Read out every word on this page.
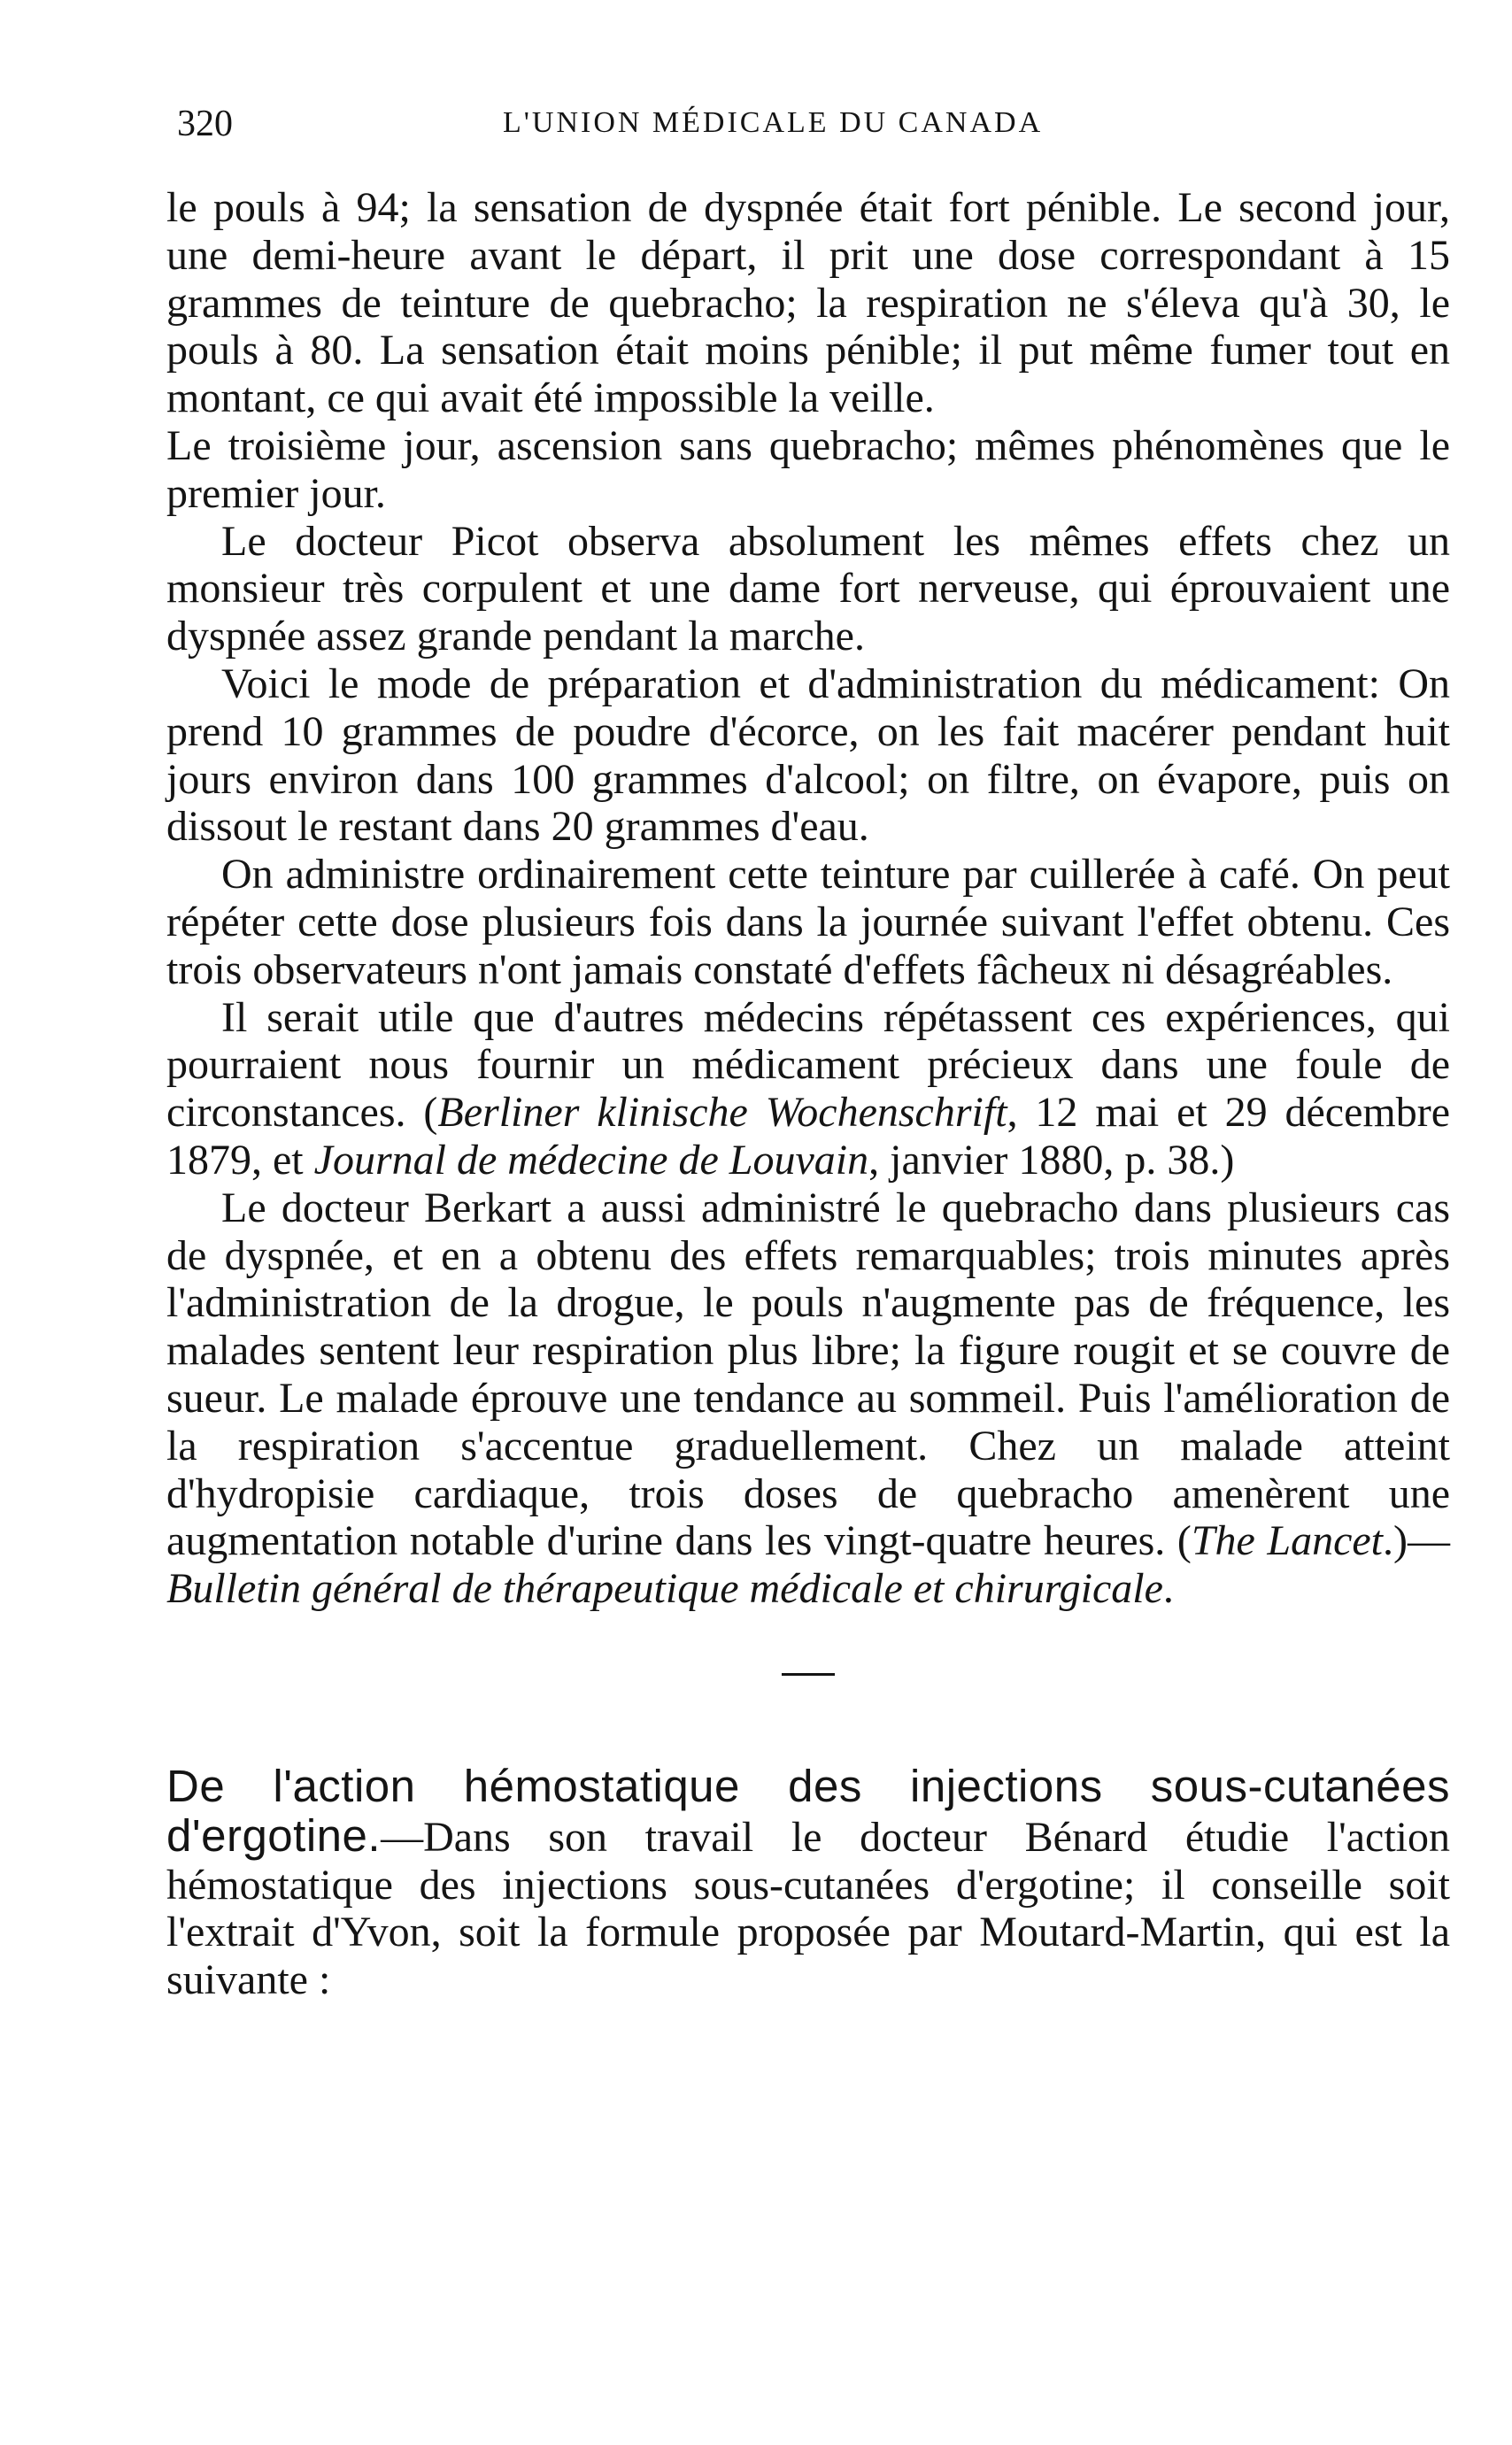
320	L'UNION MÉDICALE DU CANADA

le pouls à 94; la sensation de dyspnée était fort pénible. Le second jour, une demi-heure avant le départ, il prit une dose correspondant à 15 grammes de teinture de quebracho; la respiration ne s'éleva qu'à 30, le pouls à 80. La sensation était moins pénible; il put même fumer tout en montant, ce qui avait été impossible la veille.

Le troisième jour, ascension sans quebracho; mêmes phénomènes que le premier jour.

Le docteur Picot observa absolument les mêmes effets chez un monsieur très corpulent et une dame fort nerveuse, qui éprouvaient une dyspnée assez grande pendant la marche.

Voici le mode de préparation et d'administration du médicament: On prend 10 grammes de poudre d'écorce, on les fait macérer pendant huit jours environ dans 100 grammes d'alcool; on filtre, on évapore, puis on dissout le restant dans 20 grammes d'eau.

On administre ordinairement cette teinture par cuillerée à café. On peut répéter cette dose plusieurs fois dans la journée suivant l'effet obtenu. Ces trois observateurs n'ont jamais constaté d'effets fâcheux ni désagréables.

Il serait utile que d'autres médecins répétassent ces expériences, qui pourraient nous fournir un médicament précieux dans une foule de circonstances. (Berliner klinische Wochenschrift, 12 mai et 29 décembre 1879, et Journal de médecine de Louvain, janvier 1880, p. 38.)

Le docteur Berkart a aussi administré le quebracho dans plusieurs cas de dyspnée, et en a obtenu des effets remarquables; trois minutes après l'administration de la drogue, le pouls n'augmente pas de fréquence, les malades sentent leur respiration plus libre; la figure rougit et se couvre de sueur. Le malade éprouve une tendance au sommeil. Puis l'amélioration de la respiration s'accentue graduellement. Chez un malade atteint d'hydropisie cardiaque, trois doses de quebracho amenèrent une augmentation notable d'urine dans les vingt-quatre heures. (The Lancet.)—Bulletin général de thérapeutique médicale et chirurgicale.

De l'action hémostatique des injections sous-cutanées d'ergotine.—Dans son travail le docteur Bénard étudie l'action hémostatique des injections sous-cutanées d'ergotine; il conseille soit l'extrait d'Yvon, soit la formule proposée par Moutard-Martin, qui est la suivante :
